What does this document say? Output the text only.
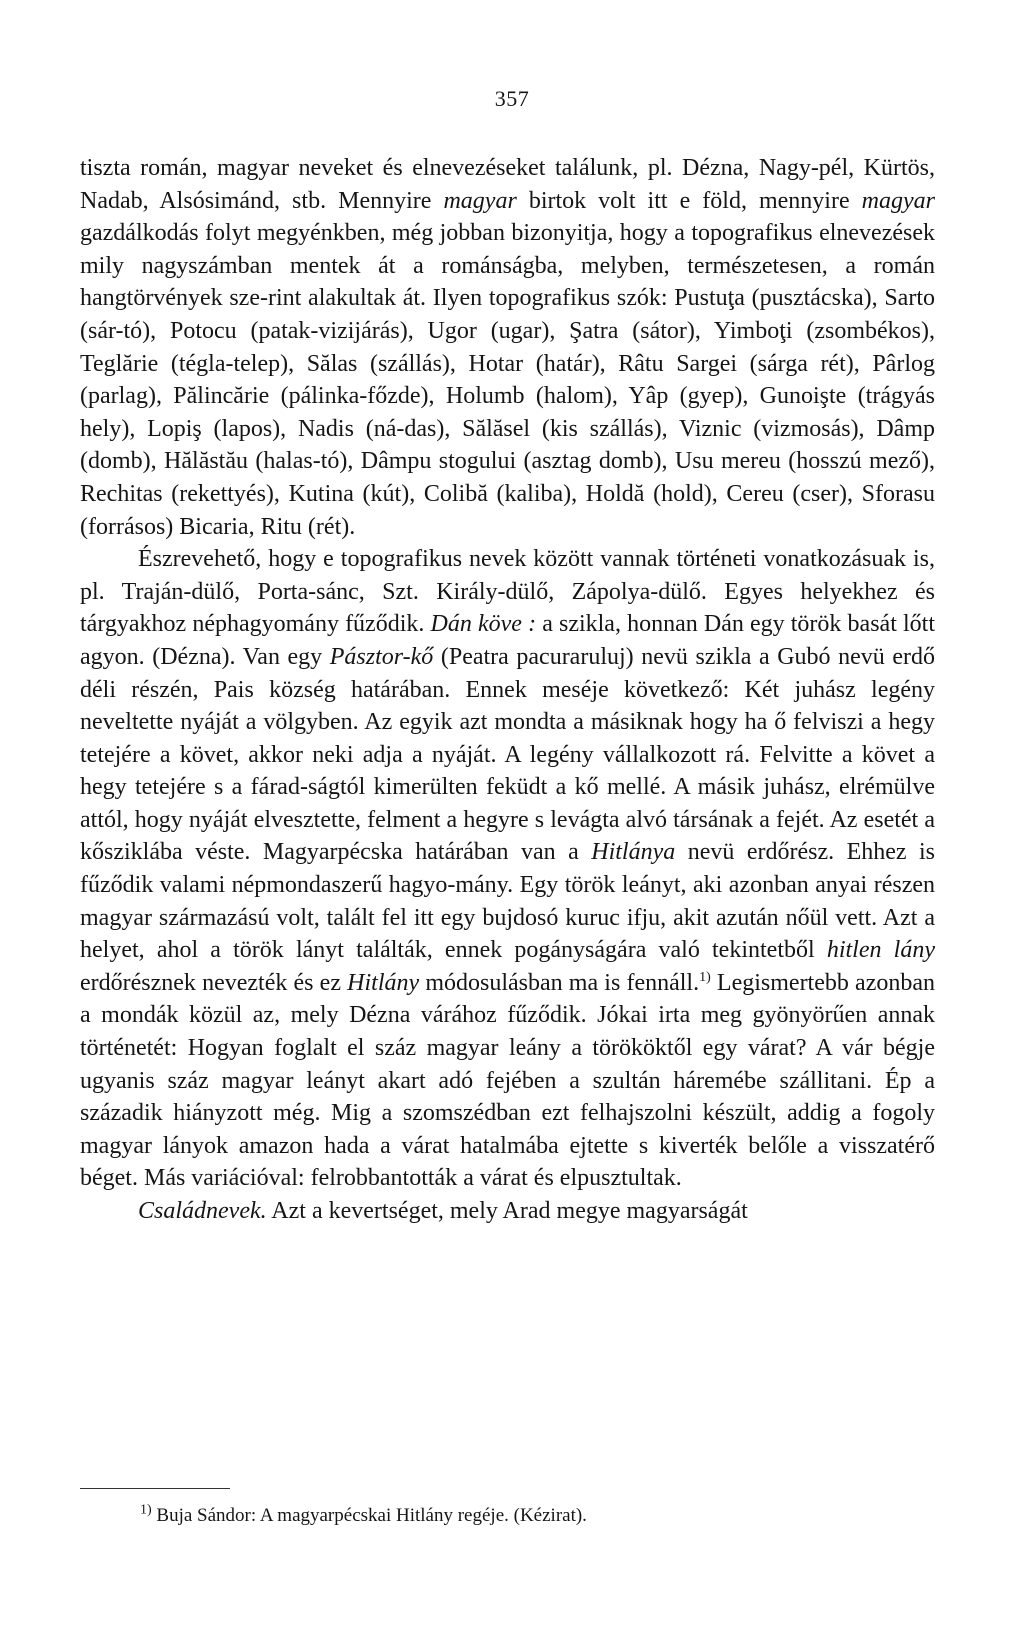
357

tiszta román, magyar neveket és elnevezéseket találunk, pl. Dézna, Nagy-pél, Kürtös, Nadab, Alsósimánd, stb. Mennyire magyar birtok volt itt e föld, mennyire magyar gazdálkodás folyt megyénkben, még jobban bizonyitja, hogy a topografikus elnevezések mily nagyszámban mentek át a románságba, melyben, természetesen, a román hangtörvények sze-rint alakultak át. Ilyen topografikus szók: Pustuţa (pusztácska), Sarto (sár-tó), Potocu (patak-vizijárás), Ugor (ugar), Şatra (sátor), Yimboţi (zsombékos), Teglărie (tégla-telep), Sălas (szállás), Hotar (határ), Râtu Sargei (sárga rét), Pârlog (parlag), Pălincărie (pálinka-főzde), Holumb (halom), Yâp (gyep), Gunoişte (trágyás hely), Lopiş (lapos), Nadis (ná-das), Sălăsel (kis szállás), Viznic (vizmosás), Dâmp (domb), Hălăstău (halas-tó), Dâmpu stogului (asztag domb), Usu mereu (hosszú mező), Rechitas (rekettyés), Kutina (kút), Colibă (kaliba), Holdă (hold), Cereu (cser), Sforasu (forrásos) Bicaria, Ritu (rét).

Észrevehető, hogy e topografikus nevek között vannak történeti vonatkozásuak is, pl. Traján-dülő, Porta-sánc, Szt. Király-dülő, Zápolya-dülő. Egyes helyekhez és tárgyakhoz néphagyomány fűződik. Dán köve : a szikla, honnan Dán egy török basát lőtt agyon. (Dézna). Van egy Pásztor-kő (Peatra pacuraruluj) nevü szikla a Gubó nevü erdő déli részén, Pais község határában. Ennek meséje következő: Két juhász legény neveltette nyáját a völgyben. Az egyik azt mondta a másiknak hogy ha ő felviszi a hegy tetejére a követ, akkor neki adja a nyáját. A legény vállalkozott rá. Felvitte a követ a hegy tetejére s a fárad-ságtól kimerülten feküdt a kő mellé. A másik juhász, elrémülve attól, hogy nyáját elvesztette, felment a hegyre s levágta alvó társának a fejét. Az esetét a kősziklába véste. Magyarpécska határában van a Hitlánya nevü erdőrész. Ehhez is fűződik valami népmondaszerű hagyo-mány. Egy török leányt, aki azonban anyai részen magyar származású volt, talált fel itt egy bujdosó kuruc ifju, akit azután nőül vett. Azt a helyet, ahol a török lányt találták, ennek pogányságára való tekintetből hitlen lány erdőrésznek nevezték és ez Hitlány módosulásban ma is fennáll.$^{1)}$ Legismertebb azonban a mondák közül az, mely Dézna várához fűződik. Jókai irta meg gyönyörűen annak történetét: Hogyan foglalt el száz magyar leány a törököktől egy várat? A vár bégje ugyanis száz magyar leányt akart adó fejében a szultán háremébe szállitani. Ép a századik hiányzott még. Mig a szomszédban ezt felhajszolni készült, addig a fogoly magyar lányok amazon hada a várat hatalmába ejtette s kiverték belőle a visszatérő béget. Más variációval: felrobbantották a várat és elpusztultak.

Családnevek. Azt a kevertséget, mely Arad megye magyarságát

$^{1)}$ Buja Sándor: A magyarpécskai Hitlány regéje. (Kézirat).
